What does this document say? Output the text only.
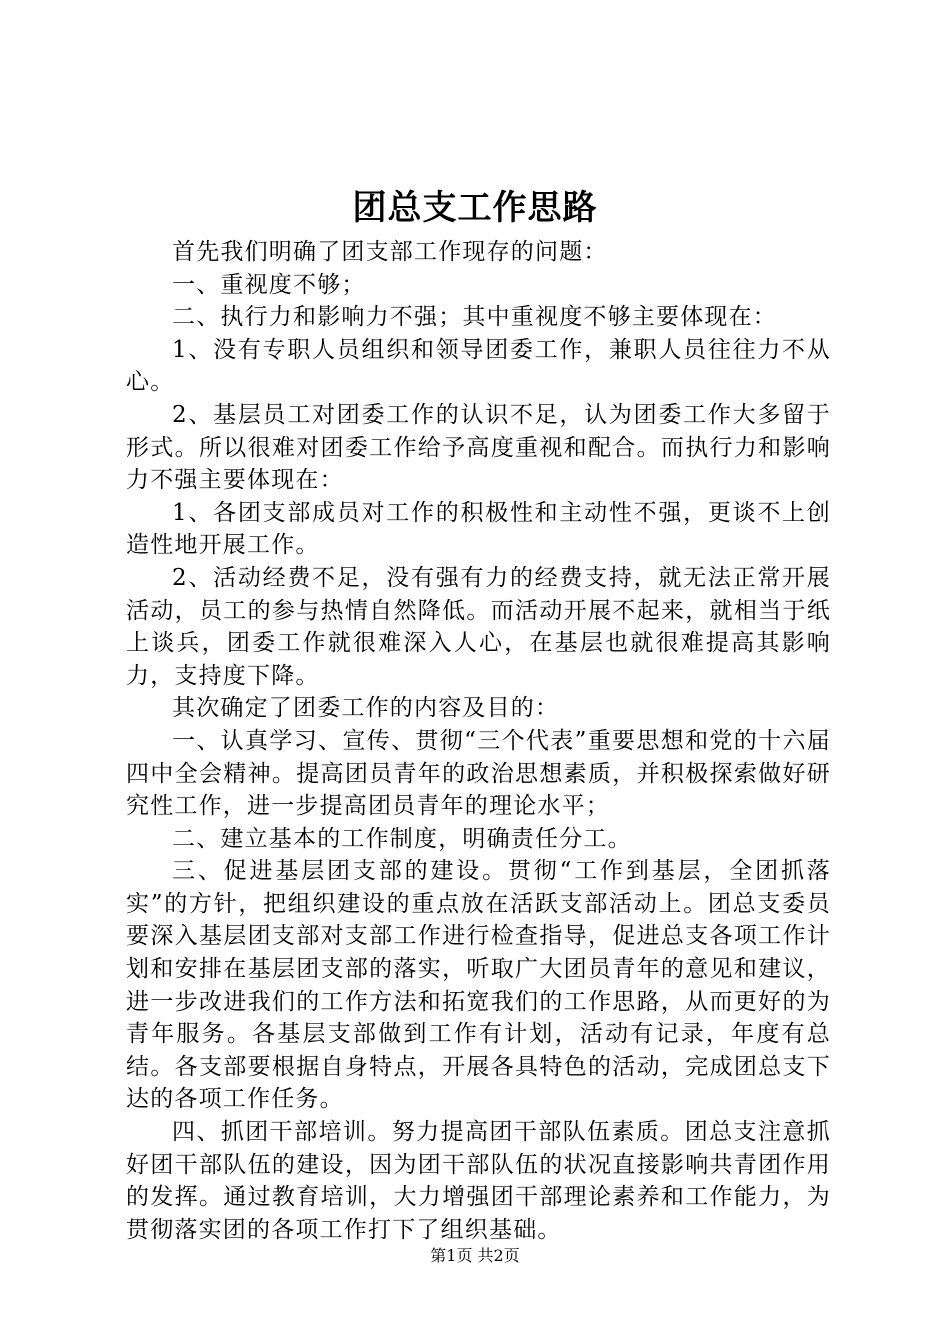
团总支工作思路

首先我们明确了团支部工作现存的问题：

一、重视度不够；

二、执行力和影响力不强；其中重视度不够主要体现在：

1、没有专职人员组织和领导团委工作，兼职人员往往力不从心。

2、基层员工对团委工作的认识不足，认为团委工作大多留于形式。所以很难对团委工作给予高度重视和配合。而执行力和影响力不强主要体现在：

1、各团支部成员对工作的积极性和主动性不强，更谈不上创造性地开展工作。

2、活动经费不足，没有强有力的经费支持，就无法正常开展活动，员工的参与热情自然降低。而活动开展不起来，就相当于纸上谈兵，团委工作就很难深入人心，在基层也就很难提高其影响力，支持度下降。

其次确定了团委工作的内容及目的：

一、认真学习、宣传、贯彻“三个代表”重要思想和党的十六届四中全会精神。提高团员青年的政治思想素质，并积极探索做好研究性工作，进一步提高团员青年的理论水平；

二、建立基本的工作制度，明确责任分工。

三、促进基层团支部的建设。贯彻“工作到基层，全团抓落实”的方针，把组织建设的重点放在活跃支部活动上。团总支委员要深入基层团支部对支部工作进行检查指导，促进总支各项工作计划和安排在基层团支部的落实，听取广大团员青年的意见和建议，进一步改进我们的工作方法和拓宽我们的工作思路，从而更好的为青年服务。各基层支部做到工作有计划，活动有记录，年度有总结。各支部要根据自身特点，开展各具特色的活动，完成团总支下达的各项工作任务。

四、抓团干部培训。努力提高团干部队伍素质。团总支注意抓好团干部队伍的建设，因为团干部队伍的状况直接影响共青团作用的发挥。通过教育培训，大力增强团干部理论素养和工作能力，为贯彻落实团的各项工作打下了组织基础。

第1页 共2页
